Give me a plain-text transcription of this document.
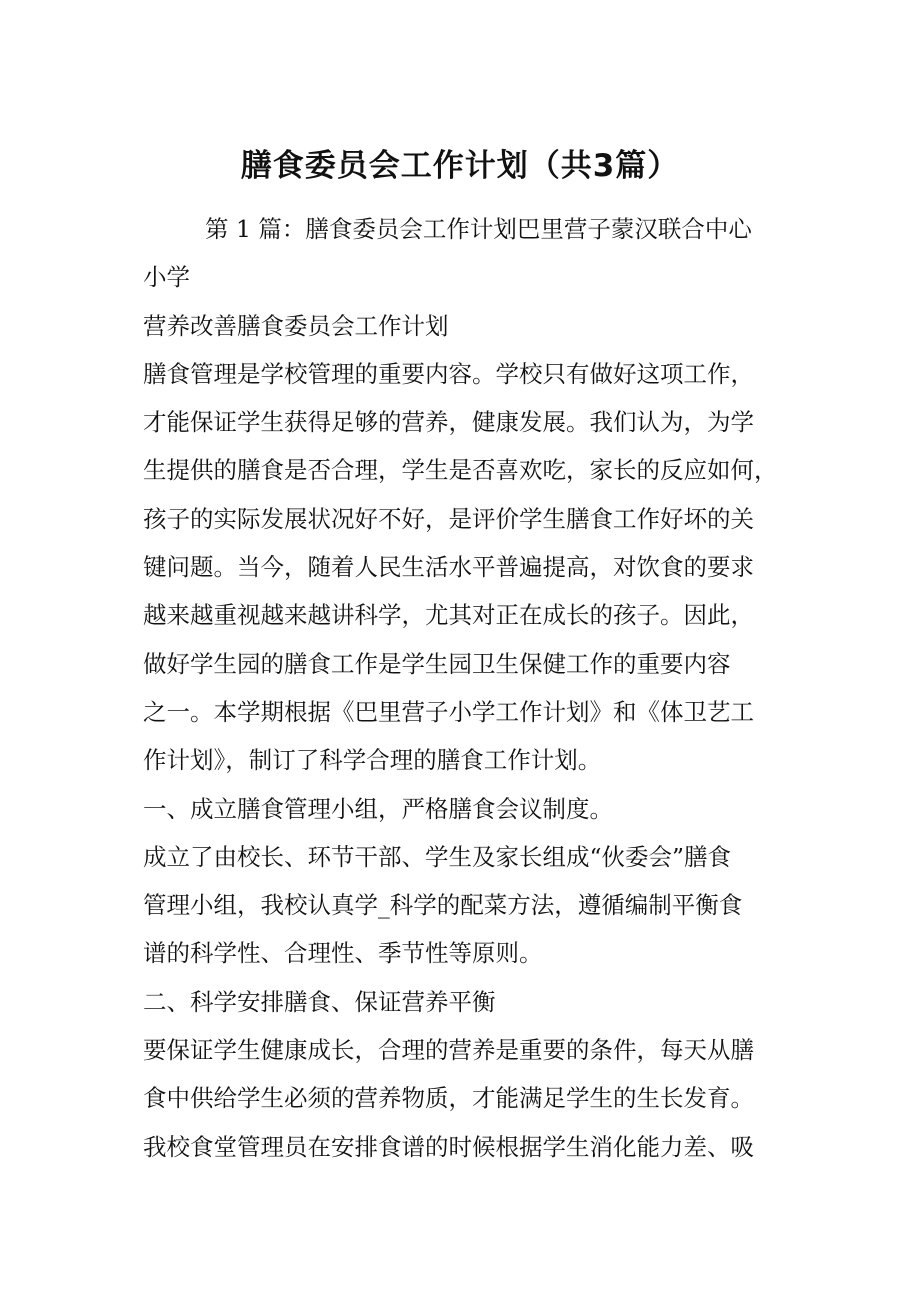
膳食委员会工作计划（共3篇）
第 1 篇：膳食委员会工作计划巴里营子蒙汉联合中心
小学
营养改善膳食委员会工作计划
膳食管理是学校管理的重要内容。学校只有做好这项工作，
才能保证学生获得足够的营养，健康发展。我们认为，为学
生提供的膳食是否合理，学生是否喜欢吃，家长的反应如何，
孩子的实际发展状况好不好，是评价学生膳食工作好坏的关
键问题。当今，随着人民生活水平普遍提高，对饮食的要求
越来越重视越来越讲科学，尤其对正在成长的孩子。因此，
做好学生园的膳食工作是学生园卫生保健工作的重要内容
之一。本学期根据《巴里营子小学工作计划》和《体卫艺工
作计划》，制订了科学合理的膳食工作计划。
一、成立膳食管理小组，严格膳食会议制度。
成立了由校长、环节干部、学生及家长组成“伙委会”膳食
管理小组，我校认真学_科学的配菜方法，遵循编制平衡食
谱的科学性、合理性、季节性等原则。
二、科学安排膳食、保证营养平衡
要保证学生健康成长，合理的营养是重要的条件，每天从膳
食中供给学生必须的营养物质，才能满足学生的生长发育。
我校食堂管理员在安排食谱的时候根据学生消化能力差、吸
